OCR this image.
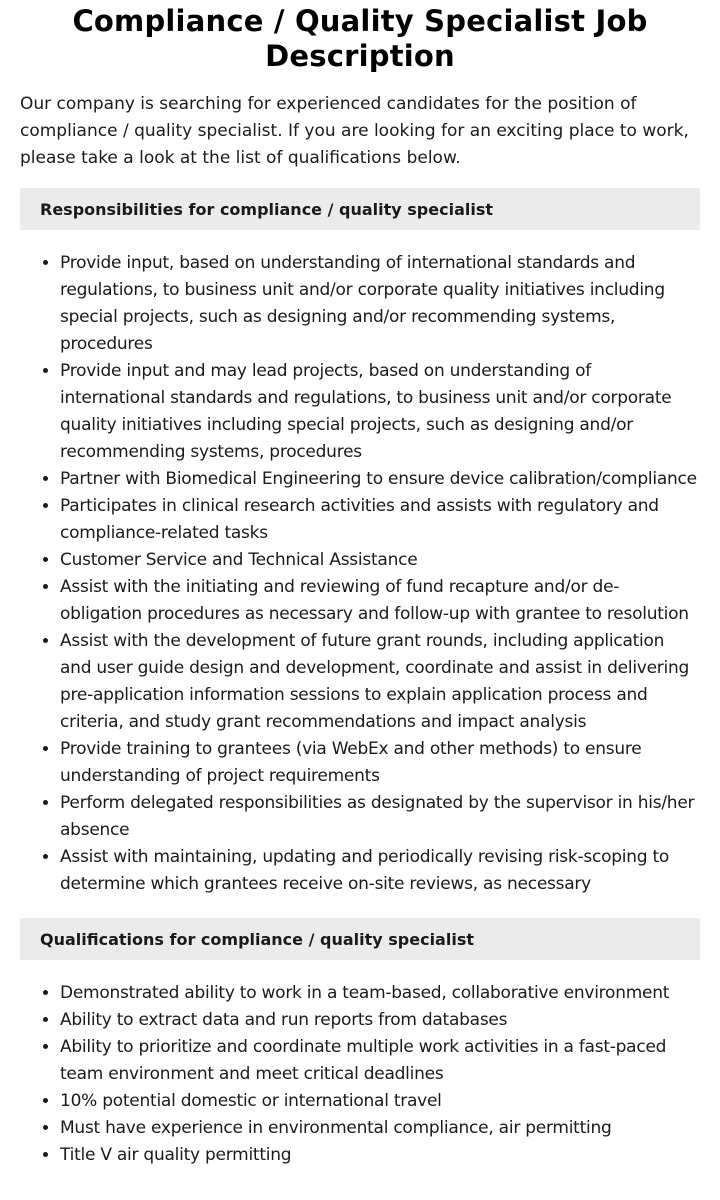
Compliance / Quality Specialist Job Description

Our company is searching for experienced candidates for the position of compliance / quality specialist. If you are looking for an exciting place to work, please take a look at the list of qualifications below.

Responsibilities for compliance / quality specialist
• Provide input, based on understanding of international standards and regulations, to business unit and/or corporate quality initiatives including special projects, such as designing and/or recommending systems, procedures
• Provide input and may lead projects, based on understanding of international standards and regulations, to business unit and/or corporate quality initiatives including special projects, such as designing and/or recommending systems, procedures
• Partner with Biomedical Engineering to ensure device calibration/compliance
• Participates in clinical research activities and assists with regulatory and compliance-related tasks
• Customer Service and Technical Assistance
• Assist with the initiating and reviewing of fund recapture and/or de-obligation procedures as necessary and follow-up with grantee to resolution
• Assist with the development of future grant rounds, including application and user guide design and development, coordinate and assist in delivering pre-application information sessions to explain application process and criteria, and study grant recommendations and impact analysis
• Provide training to grantees (via WebEx and other methods) to ensure understanding of project requirements
• Perform delegated responsibilities as designated by the supervisor in his/her absence
• Assist with maintaining, updating and periodically revising risk-scoping to determine which grantees receive on-site reviews, as necessary
Qualifications for compliance / quality specialist
• Demonstrated ability to work in a team-based, collaborative environment
• Ability to extract data and run reports from databases
• Ability to prioritize and coordinate multiple work activities in a fast-paced team environment and meet critical deadlines
• 10% potential domestic or international travel
• Must have experience in environmental compliance, air permitting
• Title V air quality permitting
